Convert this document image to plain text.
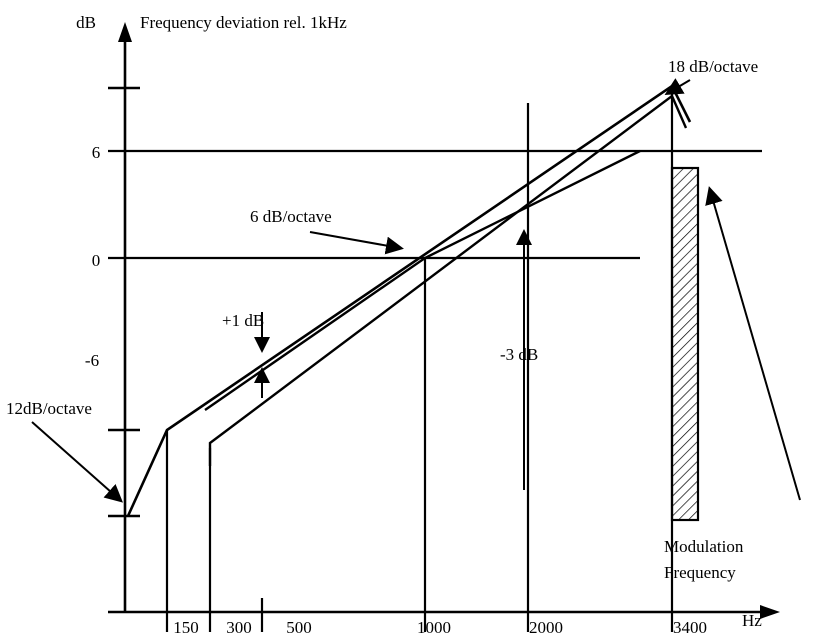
dB	Frequency deviation rel. 1kHz
6
0
-6
150 300 500	1000	2000	3400 Hz
18 dB/octave
6 dB/octave
12dB/octave
+1 dB
-3 dB
Modulation
Frequency
